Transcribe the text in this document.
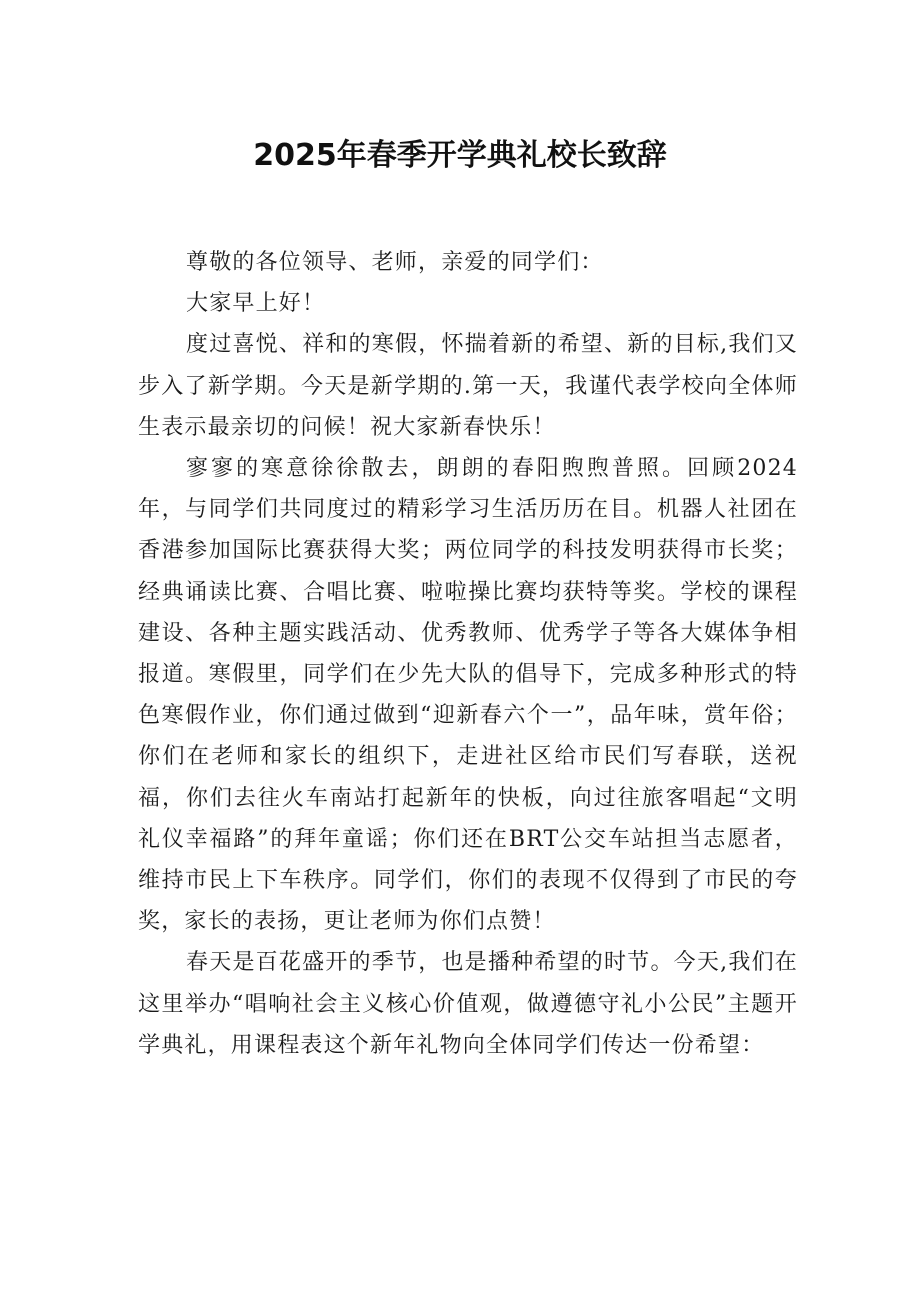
2025年春季开学典礼校长致辞

尊敬的各位领导、老师，亲爱的同学们：

大家早上好！

度过喜悦、祥和的寒假，怀揣着新的希望、新的目标,我们又步入了新学期。今天是新学期的.第一天，我谨代表学校向全体师生表示最亲切的问候！祝大家新春快乐！

寥寥的寒意徐徐散去，朗朗的春阳煦煦普照。回顾2024年，与同学们共同度过的精彩学习生活历历在目。机器人社团在香港参加国际比赛获得大奖；两位同学的科技发明获得市长奖；经典诵读比赛、合唱比赛、啦啦操比赛均获特等奖。学校的课程建设、各种主题实践活动、优秀教师、优秀学子等各大媒体争相报道。寒假里，同学们在少先大队的倡导下，完成多种形式的特色寒假作业，你们通过做到“迎新春六个一”，品年味，赏年俗；你们在老师和家长的组织下，走进社区给市民们写春联，送祝福，你们去往火车南站打起新年的快板，向过往旅客唱起“文明礼仪幸福路”的拜年童谣；你们还在BRT公交车站担当志愿者，维持市民上下车秩序。同学们，你们的表现不仅得到了市民的夸奖，家长的表扬，更让老师为你们点赞！

春天是百花盛开的季节，也是播种希望的时节。今天,我们在这里举办“唱响社会主义核心价值观，做遵德守礼小公民”主题开学典礼，用课程表这个新年礼物向全体同学们传达一份希望：
